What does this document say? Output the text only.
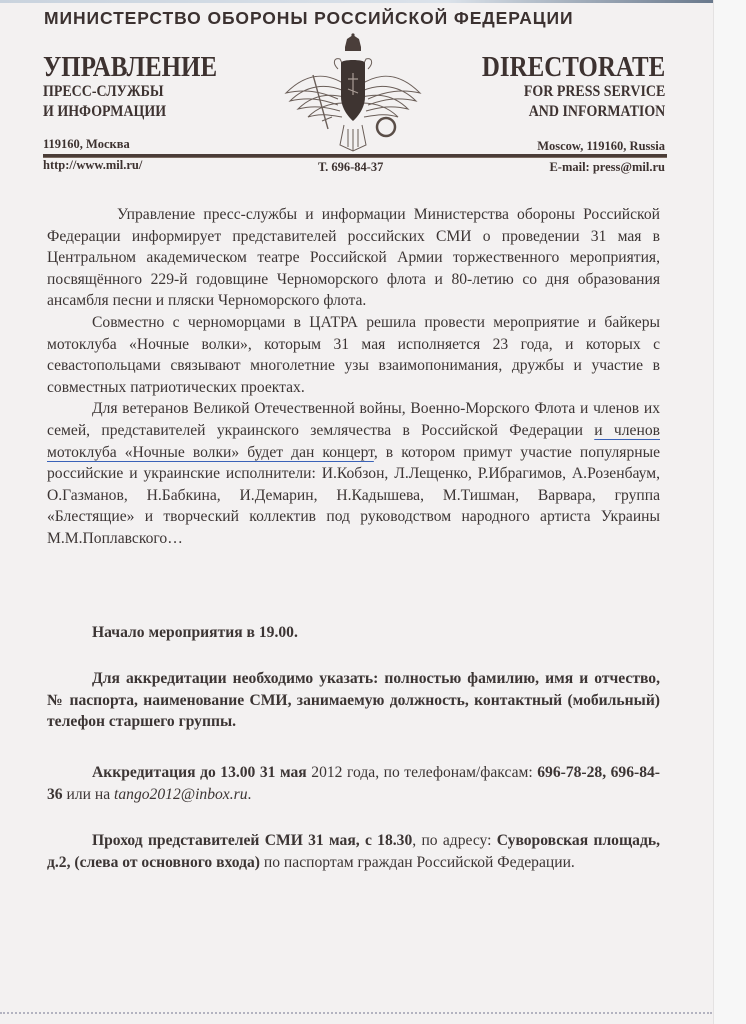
МИНИСТЕРСТВО ОБОРОНЫ РОССИЙСКОЙ ФЕДЕРАЦИИ
УПРАВЛЕНИЕ
ПРЕСС-СЛУЖБЫ
И ИНФОРМАЦИИ
DIRECTORATE
FOR PRESS SERVICE
AND INFORMATION
119160, Москва	Moscow, 119160, Russia
http://www.mil.ru/	Т. 696-84-37	E-mail: press@mil.ru

Управление пресс-службы и информации Министерства обороны Российской Федерации информирует представителей российских СМИ о проведении 31 мая в Центральном академическом театре Российской Армии торжественного мероприятия, посвящённого 229-й годовщине Черноморского флота и 80-летию со дня образования ансамбля песни и пляски Черноморского флота.

Совместно с черноморцами в ЦАТРА решила провести мероприятие и байкеры мотоклуба «Ночные волки», которым 31 мая исполняется 23 года, и которых с севастопольцами связывают многолетние узы взаимопонимания, дружбы и участие в совместных патриотических проектах.

Для ветеранов Великой Отечественной войны, Военно-Морского Флота и членов их семей, представителей украинского землячества в Российской Федерации и членов мотоклуба «Ночные волки» будет дан концерт, в котором примут участие популярные российские и украинские исполнители: И.Кобзон, Л.Лещенко, Р.Ибрагимов, А.Розенбаум, О.Газманов, Н.Бабкина, И.Демарин, Н.Кадышева, М.Тишман, Варвара, группа «Блестящие» и творческий коллектив под руководством народного артиста Украины М.М.Поплавского…

Начало мероприятия в 19.00.

Для аккредитации необходимо указать: полностью фамилию, имя и отчество, № паспорта, наименование СМИ, занимаемую должность, контактный (мобильный) телефон старшего группы.

Аккредитация до 13.00 31 мая 2012 года, по телефонам/факсам: 696-78-28, 696-84-36 или на tango2012@inbox.ru.

Проход представителей СМИ 31 мая, с 18.30, по адресу: Суворовская площадь, д.2, (слева от основного входа) по паспортам граждан Российской Федерации.
